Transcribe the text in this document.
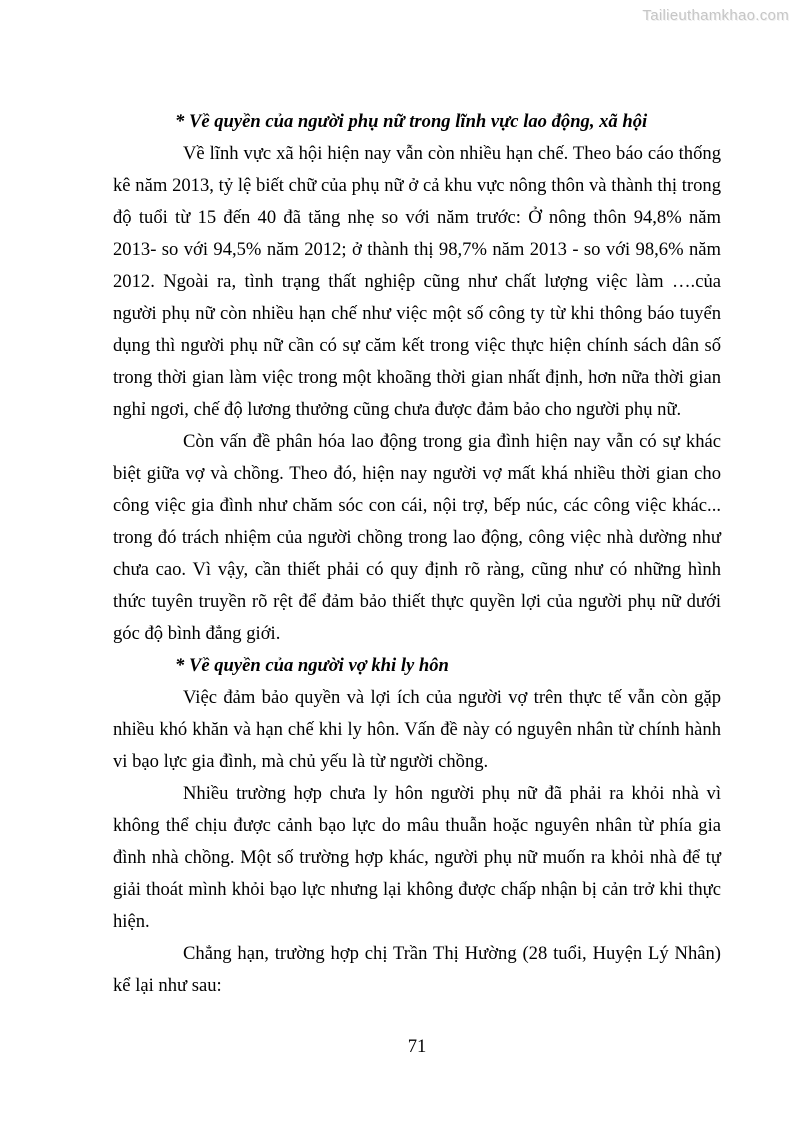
Tailieuthamkhao.com

* Về quyền của người phụ nữ trong lĩnh vực lao động, xã hội

Về lĩnh vực xã hội hiện nay vẫn còn nhiều hạn chế. Theo báo cáo thống kê năm 2013, tỷ lệ biết chữ của phụ nữ ở cả khu vực nông thôn và thành thị trong độ tuổi từ 15 đến 40 đã tăng nhẹ so với năm trước: Ở nông thôn 94,8% năm 2013- so với 94,5% năm 2012; ở thành thị 98,7% năm 2013 - so với 98,6% năm 2012. Ngoài ra, tình trạng thất nghiệp cũng như chất lượng việc làm ….của người phụ nữ còn nhiều hạn chế như việc một số công ty từ khi thông báo tuyển dụng thì người phụ nữ cần có sự căm kết trong việc thực hiện chính sách dân số trong thời gian làm việc trong một khoãng thời gian nhất định, hơn nữa thời gian nghỉ ngơi, chế độ lương thưởng cũng chưa được đảm bảo cho người phụ nữ.

Còn vấn đề phân hóa lao động trong gia đình hiện nay vẫn có sự khác biệt giữa vợ và chồng. Theo đó, hiện nay người vợ mất khá nhiều thời gian cho công việc gia đình như chăm sóc con cái, nội trợ, bếp núc, các công việc khác... trong đó trách nhiệm của người chồng trong lao động, công việc nhà dường như chưa cao. Vì vậy, cần thiết phải có quy định rõ ràng, cũng như có những hình thức tuyên truyền rõ rệt để đảm bảo thiết thực quyền lợi của người phụ nữ dưới góc độ bình đẳng giới.

* Về quyền của người vợ khi ly hôn

Việc đảm bảo quyền và lợi ích của người vợ trên thực tế vẫn còn gặp nhiều khó khăn và hạn chế khi ly hôn. Vấn đề này có nguyên nhân từ chính hành vi bạo lực gia đình, mà chủ yếu là từ người chồng.

Nhiều trường hợp chưa ly hôn người phụ nữ đã phải ra khỏi nhà vì không thể chịu được cảnh bạo lực do mâu thuẫn hoặc nguyên nhân từ phía gia đình nhà chồng. Một số trường hợp khác, người phụ nữ muốn ra khỏi nhà để tự giải thoát mình khỏi bạo lực nhưng lại không được chấp nhận bị cản trở khi thực hiện.

Chẳng hạn, trường hợp chị Trần Thị Hường (28 tuổi, Huyện Lý Nhân) kể lại như sau:

71
